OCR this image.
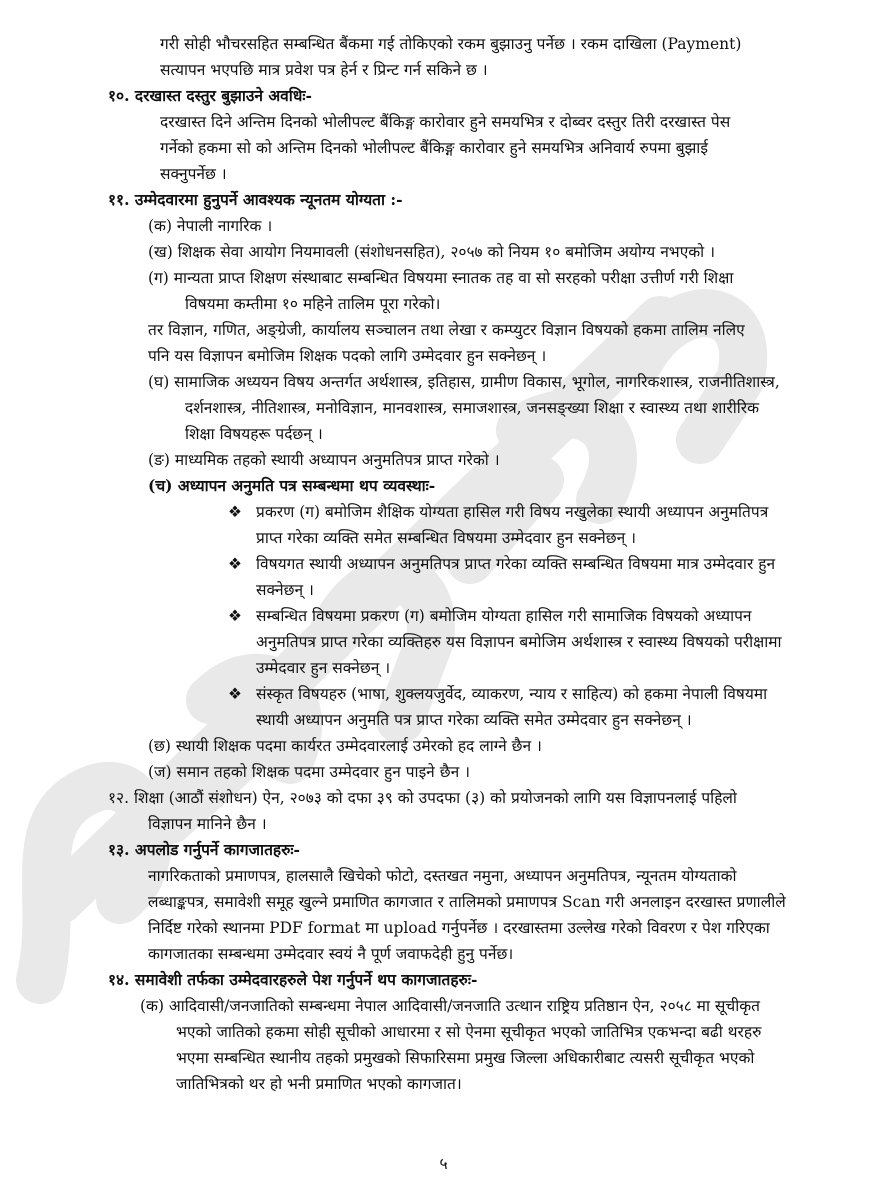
गरी सोही भौचरसहित सम्बन्धित बैंकमा गई तोकिएको रकम बुझाउनु पर्नेछ । रकम दाखिला (Payment)
सत्यापन भएपछि मात्र प्रवेश पत्र हेर्न र प्रिन्ट गर्न सकिने छ ।
१०. दरखास्त दस्तुर बुझाउने अवधिः-
दरखास्त दिने अन्तिम दिनको भोलीपल्ट बैंकिङ्ग कारोवार हुने समयभित्र र दोब्वर दस्तुर तिरी दरखास्त पेस
गर्नेको हकमा सो को अन्तिम दिनको भोलीपल्ट बैंकिङ्ग कारोवार हुने समयभित्र अनिवार्य रुपमा बुझाई
सक्नुपर्नेछ ।
११. उम्मेदवारमा हुनुपर्ने आवश्यक न्यूनतम योग्यता :-
(क) नेपाली नागरिक ।
(ख) शिक्षक सेवा आयोग नियमावली (संशोधनसहित), २०५७ को नियम १० बमोजिम अयोग्य नभएको ।
(ग) मान्यता प्राप्त शिक्षण संस्थाबाट सम्बन्धित विषयमा स्नातक तह वा सो सरहको परीक्षा उत्तीर्ण गरी शिक्षा
विषयमा कम्तीमा १० महिने तालिम पूरा गरेको।
तर विज्ञान, गणित, अङ्ग्रेजी, कार्यालय सञ्चालन तथा लेखा र कम्प्युटर विज्ञान विषयको हकमा तालिम नलिए
पनि यस विज्ञापन बमोजिम शिक्षक पदको लागि उम्मेदवार हुन सक्नेछन् ।
(घ) सामाजिक अध्ययन विषय अन्तर्गत अर्थशास्त्र, इतिहास, ग्रामीण विकास, भूगोल, नागरिकशास्त्र, राजनीतिशास्त्र,
दर्शनशास्त्र, नीतिशास्त्र, मनोविज्ञान, मानवशास्त्र, समाजशास्त्र, जनसङ्ख्या शिक्षा र स्वास्थ्य तथा शारीरिक
शिक्षा विषयहरू पर्दछन् ।
(ङ) माध्यमिक तहको स्थायी अध्यापन अनुमतिपत्र प्राप्त गरेको ।
(च) अध्यापन अनुमति पत्र सम्बन्धमा थप व्यवस्थाः-
❖ प्रकरण (ग) बमोजिम शैक्षिक योग्यता हासिल गरी विषय नखुलेका स्थायी अध्यापन अनुमतिपत्र
प्राप्त गरेका व्यक्ति समेत सम्बन्धित विषयमा उम्मेदवार हुन सक्नेछन् ।
❖ विषयगत स्थायी अध्यापन अनुमतिपत्र प्राप्त गरेका व्यक्ति सम्बन्धित विषयमा मात्र उम्मेदवार हुन
सक्नेछन् ।
❖ सम्बन्धित विषयमा प्रकरण (ग) बमोजिम योग्यता हासिल गरी सामाजिक विषयको अध्यापन
अनुमतिपत्र प्राप्त गरेका व्यक्तिहरु यस विज्ञापन बमोजिम अर्थशास्त्र र स्वास्थ्य विषयको परीक्षामा
उम्मेदवार हुन सक्नेछन् ।
❖ संस्कृत विषयहरु (भाषा, शुक्लयजुर्वेद, व्याकरण, न्याय र साहित्य) को हकमा नेपाली विषयमा
स्थायी अध्यापन अनुमति पत्र प्राप्त गरेका व्यक्ति समेत उम्मेदवार हुन सक्नेछन् ।
(छ) स्थायी शिक्षक पदमा कार्यरत उम्मेदवारलाई उमेरको हद लाग्ने छैन ।
(ज) समान तहको शिक्षक पदमा उम्मेदवार हुन पाइने छैन ।
१२. शिक्षा (आठौं संशोधन) ऐन, २०७३ को दफा ३९ को उपदफा (३) को प्रयोजनको लागि यस विज्ञापनलाई पहिलो
विज्ञापन मानिने छैन ।
१३. अपलोड गर्नुपर्ने कागजातहरुः-
नागरिकताको प्रमाणपत्र, हालसालै खिचेको फोटो, दस्तखत नमुना, अध्यापन अनुमतिपत्र, न्यूनतम योग्यताको
लब्धाङ्कपत्र, समावेशी समूह खुल्ने प्रमाणित कागजात र तालिमको प्रमाणपत्र Scan गरी अनलाइन दरखास्त प्रणालीले
निर्दिष्ट गरेको स्थानमा PDF format मा upload गर्नुपर्नेछ । दरखास्तमा उल्लेख गरेको विवरण र पेश गरिएका
कागजातका सम्बन्धमा उम्मेदवार स्वयं नै पूर्ण जवाफदेही हुनु पर्नेछ।
१४. समावेशी तर्फका उम्मेदवारहरुले पेश गर्नुपर्ने थप कागजातहरुः-
(क) आदिवासी/जनजातिको सम्बन्धमा नेपाल आदिवासी/जनजाति उत्थान राष्ट्रिय प्रतिष्ठान ऐन, २०५८ मा सूचीकृत
भएको जातिको हकमा सोही सूचीको आधारमा र सो ऐनमा सूचीकृत भएको जातिभित्र एकभन्दा बढी थरहरु
भएमा सम्बन्धित स्थानीय तहको प्रमुखको सिफारिसमा प्रमुख जिल्ला अधिकारीबाट त्यसरी सूचीकृत भएको
जातिभित्रको थर हो भनी प्रमाणित भएको कागजात।
५
